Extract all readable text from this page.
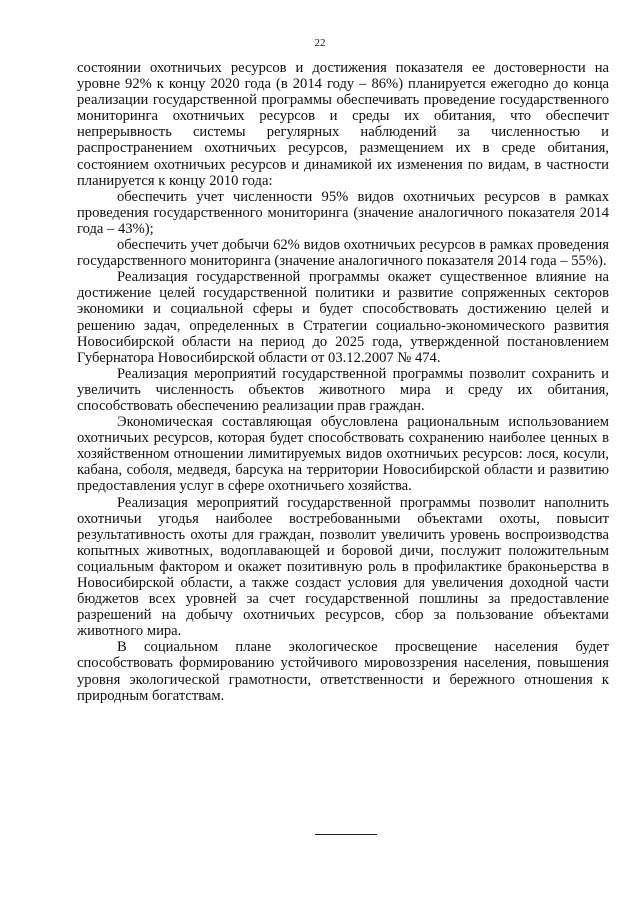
22

состоянии охотничьих ресурсов и достижения показателя ее достоверности на уровне 92% к концу 2020 года (в 2014 году – 86%) планируется ежегодно до конца реализации государственной программы обеспечивать проведение государственного мониторинга охотничьих ресурсов и среды их обитания, что обеспечит непрерывность системы регулярных наблюдений за численностью и распространением охотничьих ресурсов, размещением их в среде обитания, состоянием охотничьих ресурсов и динамикой их изменения по видам, в частности планируется к концу 2010 года:

обеспечить учет численности 95% видов охотничьих ресурсов в рамках проведения государственного мониторинга (значение аналогичного показателя 2014 года – 43%);

обеспечить учет добычи 62% видов охотничьих ресурсов в рамках проведения государственного мониторинга (значение аналогичного показателя 2014 года – 55%).

Реализация государственной программы окажет существенное влияние на достижение целей государственной политики и развитие сопряженных секторов экономики и социальной сферы и будет способствовать достижению целей и решению задач, определенных в Стратегии социально-экономического развития Новосибирской области на период до 2025 года, утвержденной постановлением Губернатора Новосибирской области от 03.12.2007 № 474.

Реализация мероприятий государственной программы позволит сохранить и увеличить численность объектов животного мира и среду их обитания, способствовать обеспечению реализации прав граждан.

Экономическая составляющая обусловлена рациональным использованием охотничьих ресурсов, которая будет способствовать сохранению наиболее ценных в хозяйственном отношении лимитируемых видов охотничьих ресурсов: лося, косули, кабана, соболя, медведя, барсука на территории Новосибирской области и развитию предоставления услуг в сфере охотничьего хозяйства.

Реализация мероприятий государственной программы позволит наполнить охотничьи угодья наиболее востребованными объектами охоты, повысит результативность охоты для граждан, позволит увеличить уровень воспроизводства копытных животных, водоплавающей и боровой дичи, послужит положительным социальным фактором и окажет позитивную роль в профилактике браконьерства в Новосибирской области, а также создаст условия для увеличения доходной части бюджетов всех уровней за счет государственной пошлины за предоставление разрешений на добычу охотничьих ресурсов, сбор за пользование объектами животного мира.

В социальном плане экологическое просвещение населения будет способствовать формированию устойчивого мировоззрения населения, повышения уровня экологической грамотности, ответственности и бережного отношения к природным богатствам.
